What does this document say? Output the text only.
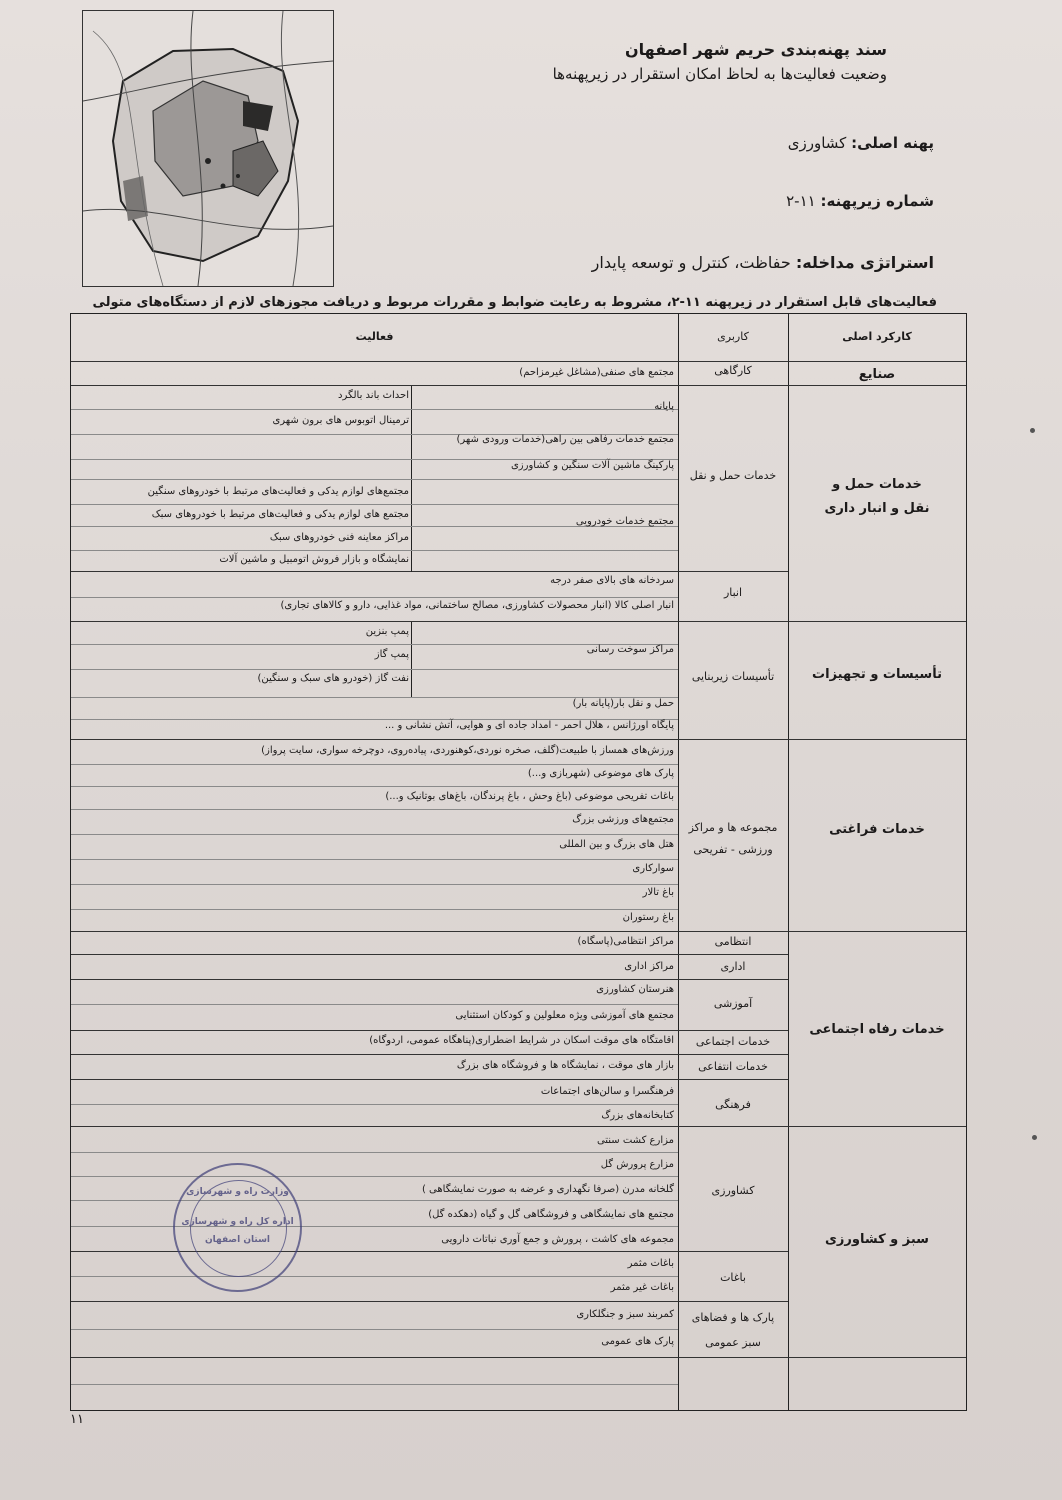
سند پهنه‌بندی حریم شهر اصفهان
وضعیت فعالیت‌ها به لحاظ امکان استقرار در زیرپهنه‌ها
پهنه اصلی: کشاورزی
شماره زیرپهنه: ۱۱-۲
استراتژی مداخله: حفاظت، کنترل و توسعه پایدار
فعالیت‌های قابل استقرار در زیرپهنه ۱۱-۲، مشروط به رعایت ضوابط و مقررات مربوط و دریافت مجوزهای لازم از دستگاه‌های متولی
کارکرد اصلی
کاربری
فعالیت
صنایع
خدمات حمل و
نقل و انبار داری
تأسیسات و تجهیزات
خدمات فراغتی
خدمات رفاه اجتماعی
سبز و کشاورزی
کارگاهی
خدمات حمل و نقل
انبار
تأسیسات زیربنایی
مجموعه ها و مراکز
ورزشی - تفریحی
انتظامی
اداری
آموزشی
خدمات اجتماعی
خدمات انتفاعی
فرهنگی
کشاورزی
باغات
پارک ها و فضاهای
سبز عمومی
مجتمع های صنفی(مشاغل غیرمزاحم)
پایانه
مجتمع خدمات رفاهی بین راهی(خدمات ورودی شهر)
پارکینگ ماشین آلات سنگین و کشاورزی
مجتمع خدمات خودرویی
سردخانه های بالای صفر درجه
انبار اصلی کالا (انبار محصولات کشاورزی، مصالح ساختمانی، مواد غذایی، دارو و کالاهای تجاری)
مراکز سوخت رسانی
حمل و نقل بار(پایانه بار)
پایگاه اورژانس ، هلال احمر - امداد جاده ای و هوایی، آتش نشانی و ...
ورزش‌های همساز با طبیعت(گلف، صخره نوردی،کوهنوردی، پیاده‌روی، دوچرخه سواری، سایت پرواز)
پارک های موضوعی (شهربازی و...)
باغات تفریحی موضوعی (باغ وحش ، باغ پرندگان، باغ‌های بوتانیک و...)
مجتمع‌های ورزشی بزرگ
هتل های بزرگ و بین المللی
سوارکاری
باغ تالار
باغ رستوران
مراکز انتظامی(پاسگاه)
مراکز اداری
هنرستان کشاورزی
مجتمع های آموزشی ویژه معلولین و کودکان استثنایی
اقامتگاه های موقت اسکان در شرایط اضطراری(پناهگاه عمومی، اردوگاه)
بازار های موقت ، نمایشگاه ها و فروشگاه های بزرگ
فرهنگسرا و سالن‌های اجتماعات
کتابخانه‌های بزرگ
مزارع کشت سنتی
مزارع پرورش گل
گلخانه مدرن (صرفا نگهداری و عرضه به صورت نمایشگاهی )
مجتمع های نمایشگاهی و فروشگاهی گل و گیاه (دهکده گل)
مجموعه های کاشت ، پرورش و جمع آوری نباتات دارویی
باغات مثمر
باغات غیر مثمر
کمربند سبز و جنگلکاری
پارک های عمومی
احداث باند بالگرد
ترمینال اتوبوس های برون شهری
مجتمع‌های لوازم یدکی و فعالیت‌های مرتبط با خودروهای سنگین
مجتمع های لوازم یدکی و فعالیت‌های مرتبط با خودروهای سبک
مراکز معاینه فنی خودروهای سبک
نمایشگاه و بازار فروش اتومبیل و ماشین آلات
پمپ بنزین
پمپ گاز
نفت گاز (خودرو های سبک و سنگین)
وزارت راه و شهرسازی
اداره کل راه و شهرسازی
استان اصفهان
۱۱
